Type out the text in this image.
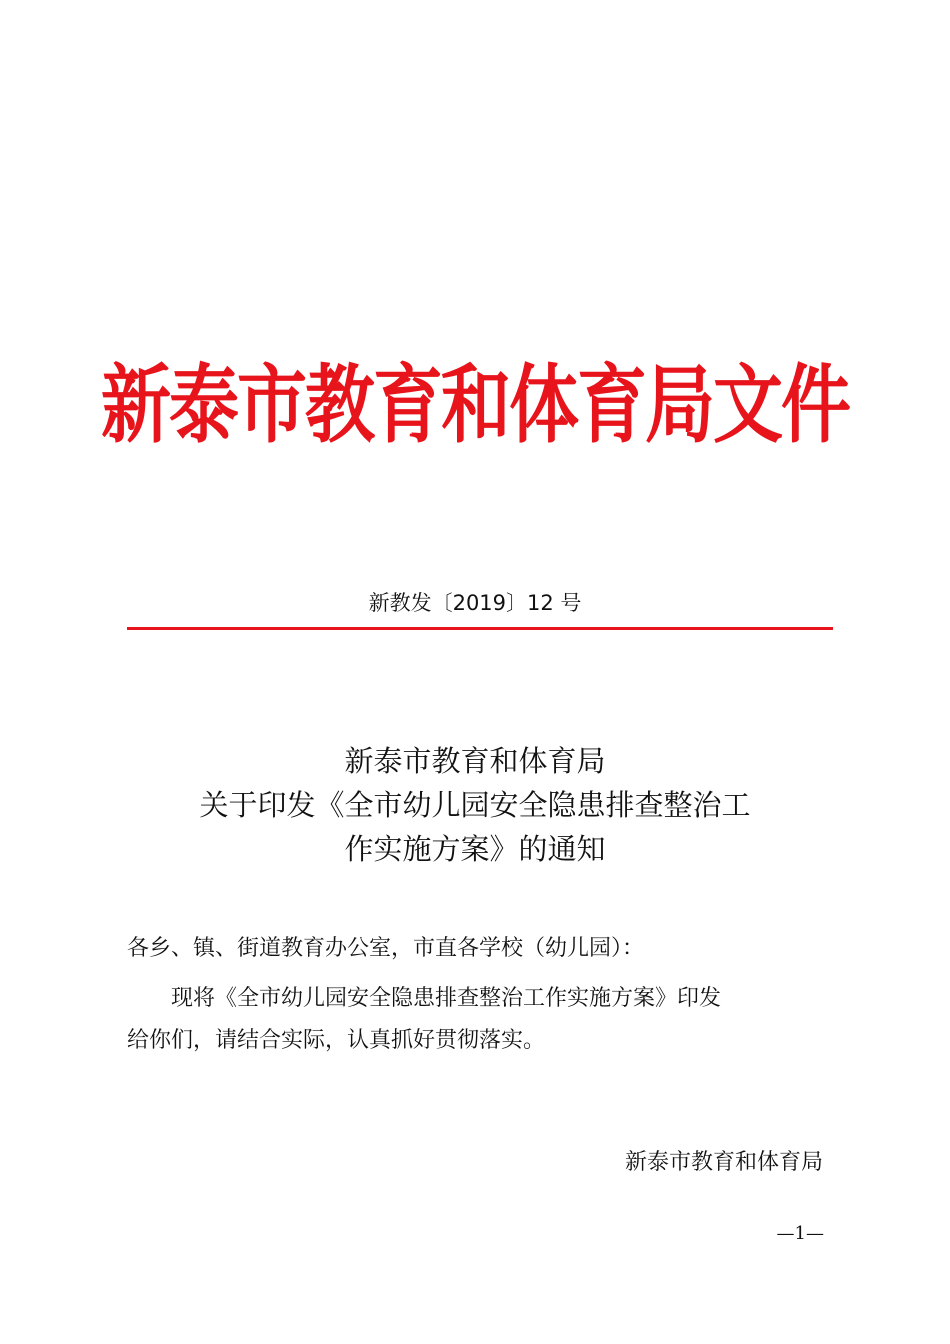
新泰市教育和体育局文件
新教发〔2019〕12 号
新泰市教育和体育局
关于印发《全市幼儿园安全隐患排查整治工
作实施方案》的通知
各乡、镇、街道教育办公室，市直各学校（幼儿园）：
现将《全市幼儿园安全隐患排查整治工作实施方案》印发
给你们，请结合实际，认真抓好贯彻落实。
新泰市教育和体育局
—1—
